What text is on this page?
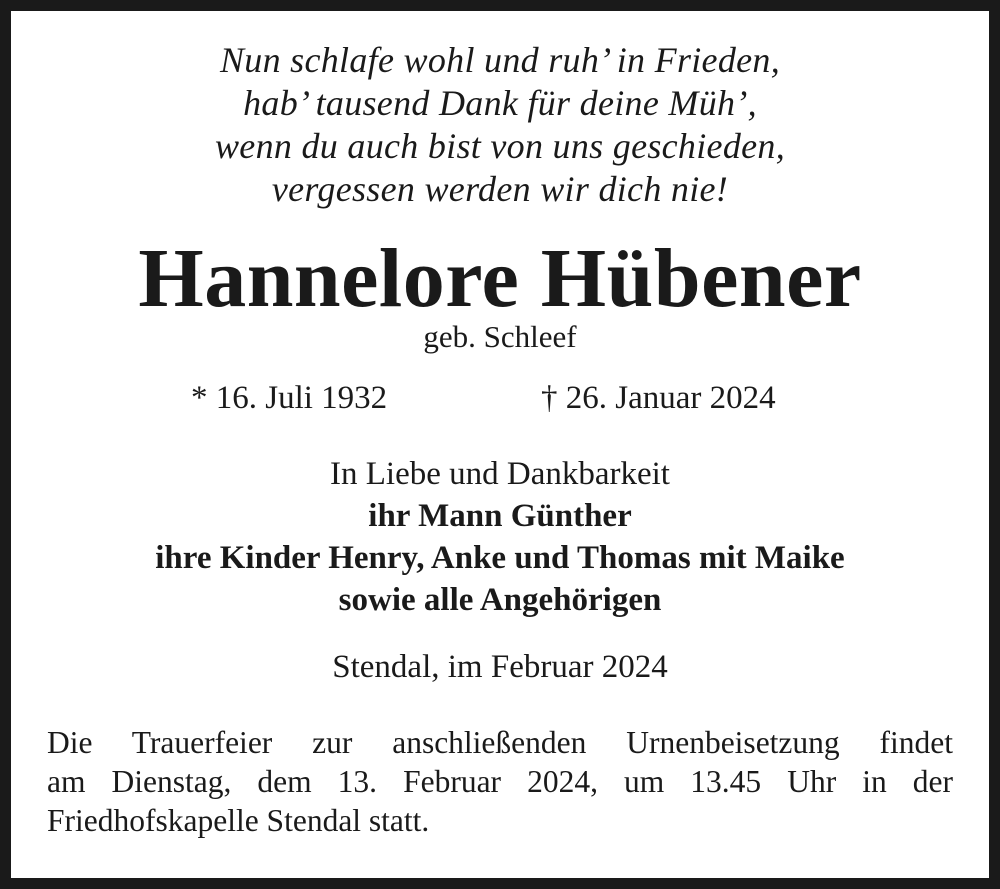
Nun schlafe wohl und ruh’ in Frieden,
hab’ tausend Dank für deine Müh’,
wenn du auch bist von uns geschieden,
vergessen werden wir dich nie!
Hannelore Hübener
geb. Schleef
* 16. Juli 1932	† 26. Januar 2024
In Liebe und Dankbarkeit
ihr Mann Günther
ihre Kinder Henry, Anke und Thomas mit Maike
sowie alle Angehörigen
Stendal, im Februar 2024
Die Trauerfeier zur anschließenden Urnenbeisetzung findet
am Dienstag, dem 13. Februar 2024, um 13.45 Uhr in der
Friedhofskapelle Stendal statt.
